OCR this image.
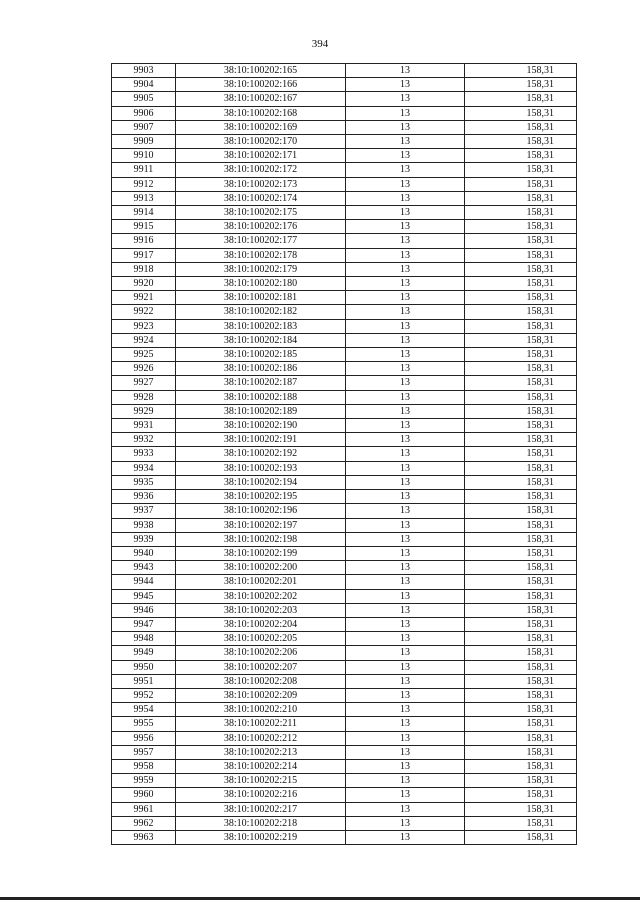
394
9903	38:10:100202:165	13	158,31
9904	38:10:100202:166	13	158,31
9905	38:10:100202:167	13	158,31
9906	38:10:100202:168	13	158,31
9907	38:10:100202:169	13	158,31
9909	38:10:100202:170	13	158,31
9910	38:10:100202:171	13	158,31
9911	38:10:100202:172	13	158,31
9912	38:10:100202:173	13	158,31
9913	38:10:100202:174	13	158,31
9914	38:10:100202:175	13	158,31
9915	38:10:100202:176	13	158,31
9916	38:10:100202:177	13	158,31
9917	38:10:100202:178	13	158,31
9918	38:10:100202:179	13	158,31
9920	38:10:100202:180	13	158,31
9921	38:10:100202:181	13	158,31
9922	38:10:100202:182	13	158,31
9923	38:10:100202:183	13	158,31
9924	38:10:100202:184	13	158,31
9925	38:10:100202:185	13	158,31
9926	38:10:100202:186	13	158,31
9927	38:10:100202:187	13	158,31
9928	38:10:100202:188	13	158,31
9929	38:10:100202:189	13	158,31
9931	38:10:100202:190	13	158,31
9932	38:10:100202:191	13	158,31
9933	38:10:100202:192	13	158,31
9934	38:10:100202:193	13	158,31
9935	38:10:100202:194	13	158,31
9936	38:10:100202:195	13	158,31
9937	38:10:100202:196	13	158,31
9938	38:10:100202:197	13	158,31
9939	38:10:100202:198	13	158,31
9940	38:10:100202:199	13	158,31
9943	38:10:100202:200	13	158,31
9944	38:10:100202:201	13	158,31
9945	38:10:100202:202	13	158,31
9946	38:10:100202:203	13	158,31
9947	38:10:100202:204	13	158,31
9948	38:10:100202:205	13	158,31
9949	38:10:100202:206	13	158,31
9950	38:10:100202:207	13	158,31
9951	38:10:100202:208	13	158,31
9952	38:10:100202:209	13	158,31
9954	38:10:100202:210	13	158,31
9955	38:10:100202:211	13	158,31
9956	38:10:100202:212	13	158,31
9957	38:10:100202:213	13	158,31
9958	38:10:100202:214	13	158,31
9959	38:10:100202:215	13	158,31
9960	38:10:100202:216	13	158,31
9961	38:10:100202:217	13	158,31
9962	38:10:100202:218	13	158,31
9963	38:10:100202:219	13	158,31
